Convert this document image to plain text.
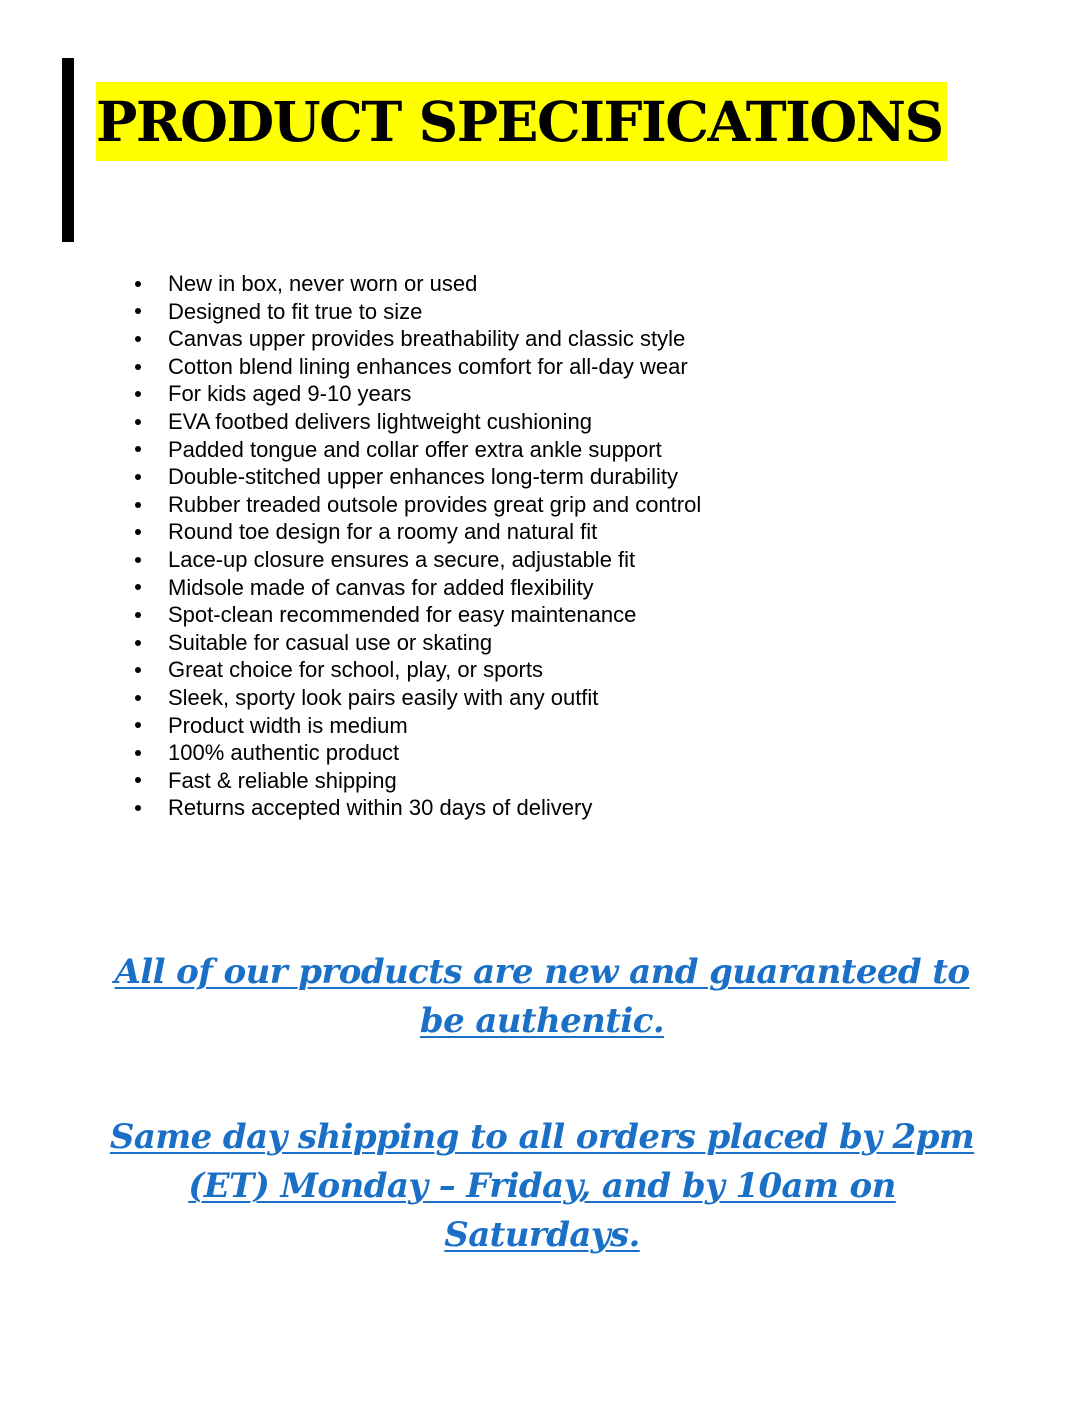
PRODUCT SPECIFICATIONS
New in box, never worn or used
Designed to fit true to size
Canvas upper provides breathability and classic style
Cotton blend lining enhances comfort for all-day wear
For kids aged 9-10 years
EVA footbed delivers lightweight cushioning
Padded tongue and collar offer extra ankle support
Double-stitched upper enhances long-term durability
Rubber treaded outsole provides great grip and control
Round toe design for a roomy and natural fit
Lace-up closure ensures a secure, adjustable fit
Midsole made of canvas for added flexibility
Spot-clean recommended for easy maintenance
Suitable for casual use or skating
Great choice for school, play, or sports
Sleek, sporty look pairs easily with any outfit
Product width is medium
100% authentic product
Fast & reliable shipping
Returns accepted within 30 days of delivery

All of our products are new and guaranteed to
be authentic.

Same day shipping to all orders placed by 2pm
(ET) Monday – Friday, and by 10am on
Saturdays.
